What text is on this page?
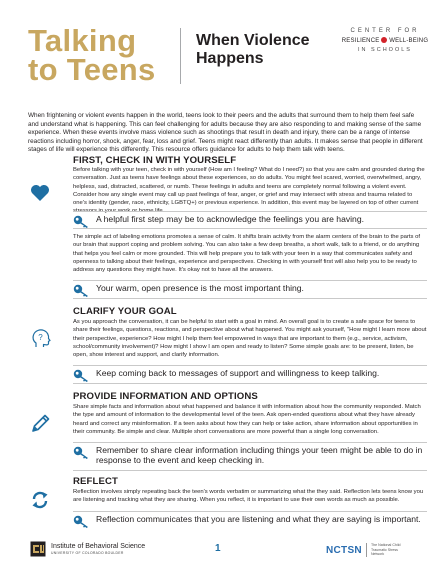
Talking
to Teens
When Violence
Happens
CENTER FOR
RESILIENCE WELL-BEING
IN SCHOOLS

When frightening or violent events happen in the world, teens look to their peers and the adults that surround them to help them feel safe and understand what is happening. This can feel challenging for adults because they are also responding to and making sense of the same experience. When these events involve mass violence such as shootings that result in death and injury, there can be a range of intense reactions including horror, shock, anger, fear, loss and grief. Teens might react differently than adults. It makes sense that people in different stages of life will experience this differently. This resource offers guidance for adults to help them talk with teens.

FIRST, CHECK IN WITH YOURSELF

Before talking with your teen, check in with yourself (How am I feeling? What do I need?) so that you are calm and grounded during the conversation. Just as teens have feelings about these experiences, so do adults. You might feel scared, worried, overwhelmed, angry, helpless, sad, distracted, scattered, or numb. These feelings in adults and teens are completely normal following a violent event. Consider how any single event may call up past feelings of fear, anger, or grief and may intersect with stress and trauma related to one's identity (gender, race, ethnicity, LGBTQ+) or previous experience. In addition, this event may be layered on top of other current

A helpful first step may be to acknowledge the feelings you are having.

The simple act of labeling emotions promotes a sense of calm. It shifts brain activity from the alarm centers of the brain to the parts of our brain that support coping and problem solving. You can also take a few deep breaths, a short walk, talk to a friend, or do anything that helps you feel calm or more grounded. This will help prepare you to talk with your teen in a way that communicates safety and openness to talking about their feelings, experience and perspectives. Checking in with yourself first will also help you to be ready to address any questions they might have. It's okay not to have all the answers.

Your warm, open presence is the most important thing.
?
CLARIFY YOUR GOAL

As you approach the conversation, it can be helpful to start with a goal in mind. An overall goal is to create a safe space for teens to share their feelings, questions, reactions, and perspective about what happened. You might ask yourself, "How might I learn more about their perspective, experience? How might I help them feel empowered in ways that are important to them (e.g., service, activism, school/community involvement)? How might I show I am open and ready to listen? Some simple goals are: to be present, listen, be open, show interest and support, and clarify information.

Keep coming back to messages of support and willingness to keep talking.
PROVIDE INFORMATION AND OPTIONS

Share simple facts and information about what happened and balance it with information about how the community responded. Match the type and amount of information to the developmental level of the teen. Ask open-ended questions about what they have already heard and correct any misinformation. If a teen asks about how they can help or take action, share information about opportunities in their community. Be simple and clear. Multiple short conversations are more powerful than a single long conversation.

Remember to share clear information including things your teen might be able to do in response to the event and keep checking in.
REFLECT

Reflection involves simply repeating back the teen's words verbatim or summarizing what the they said. Reflection lets teens know you are listening and tracking what they are sharing. When you reflect, it is important to use their own words as much as possible.

Reflection communicates that you are listening and what they are saying is important.
Institute of Behavioral Science
UNIVERSITY OF COLORADO BOULDER	1	NCTSN	The National Child Traumatic Stress Network
